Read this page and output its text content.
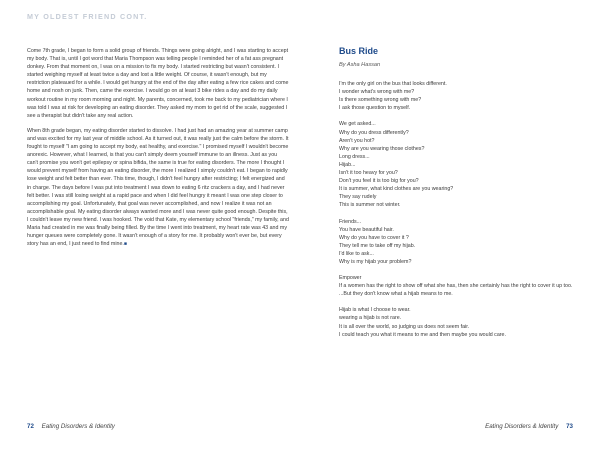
MY OLDEST FRIEND CONT.

Come 7th grade, I began to form a solid group of friends. Things were going alright, and I was starting to accept my body. That is, until I got word that Maria Thompson was telling people I reminded her of a fat ass pregnant donkey. From that moment on, I was on a mission to fix my body. I started restricting but wasn't consistent. I started weighing myself at least twice a day and lost a little weight. Of course, it wasn't enough, but my restriction plateaued for a while. I would get hungry at the end of the day after eating a few rice cakes and come home and nosh on junk. Then, came the exercise. I would go on at least 3 bike rides a day and do my daily workout routine in my room morning and night. My parents, concerned, took me back to my pediatrician where I was told I was at risk for developing an eating disorder. They asked my mom to get rid of the scale, suggested I see a therapist but didn't take any real action.

When 8th grade began, my eating disorder started to dissolve. I had just had an amazing year at summer camp and was excited for my last year of middle school. As it turned out, it was really just the calm before the storm. It fought to myself "I am going to accept my body, eat healthy, and exercise." I promised myself I wouldn't become anorexic. However, what I learned, is that you can't simply deem yourself immune to an illness. Just as you can't promise you won't get epilepsy or spina bifida, the same is true for eating disorders. The more I thought I would prevent myself from having an eating disorder, the more I realized I simply couldn't eat. I began to rapidly lose weight and felt better than ever. This time, though, I didn't feel hungry after restricting; I felt energized and in charge. The days before I was put into treatment I was down to eating 6 ritz crackers a day, and I had never felt better. I was still losing weight at a rapid pace and when I did feel hungry it meant I was one step closer to accomplishing my goal. Unfortunately, that goal was never accomplished, and now I realize it was not an accomplishable goal. My eating disorder always wanted more and I was never quite good enough. Despite this, I couldn't leave my new friend. I was hooked. The void that Kate, my elementary school "friends," my family, and Maria had created in me was finally being filled. By the time I went into treatment, my heart rate was 43 and my hunger queues were completely gone. It wasn't enough of a story for me. It probably won't ever be, but every story has an end, I just need to find mine.■

72 Eating Disorders & Identity
Bus Ride
By Asha Hassan
I'm the only girl on the bus that looks different.
I wonder what's wrong with me?
Is there something wrong with me?
I ask those question to myself.
We get asked...
Why do you dress differently?
Aren't you hot?
Why are you wearing those clothes?
Long dress...
Hijab...
Isn't it too heavy for you?
Don't you feel it is too big for you?
It is summer, what kind clothes are you wearing?
They say rudely
This is summer not winter.
Friends...
You have beautiful hair.
Why do you have to cover it ?
They tell me to take off my hijab.
I'd like to ask...
Why is my hijab your problem?
Empower
If a women has the right to show off what she has, then she certainly has the right to cover it up too.
...But they don't know what a hijab means to me.
Hijab is what I choose to wear.
wearing a hijab is not rare.
It is all over the world, so judging us does not seem fair.
I could teach you what it means to me and then maybe you would care.
Eating Disorders & Identity 73
